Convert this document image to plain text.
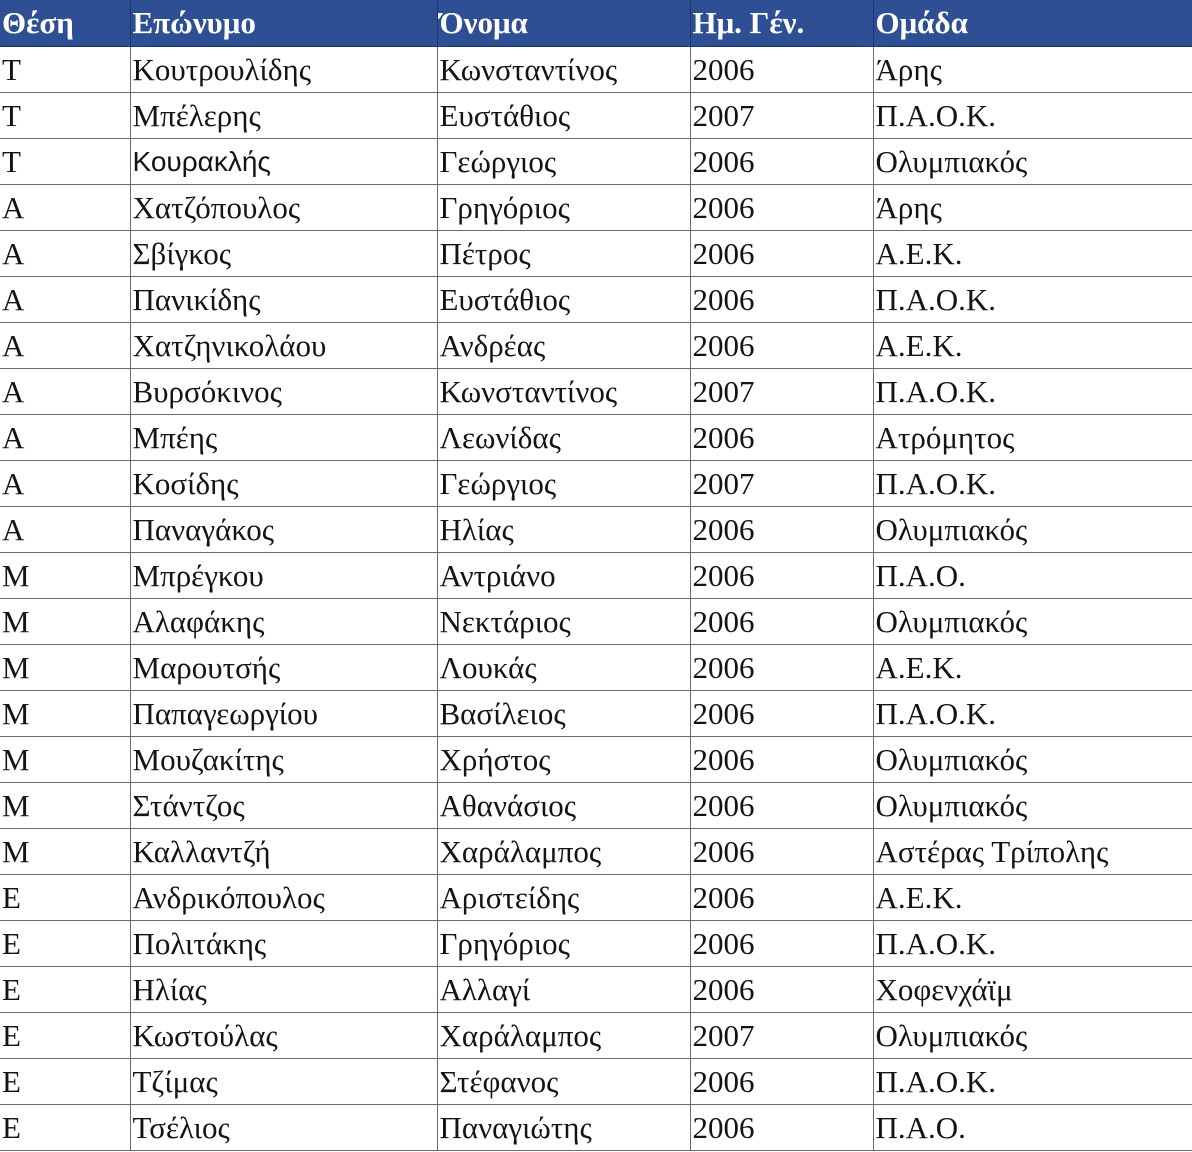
Θέση	Επώνυμο	Όνομα	Ημ. Γέν.	Ομάδα
Τ	Κουτρουλίδης	Κωνσταντίνος	2006	Άρης
Τ	Μπέλερης	Ευστάθιος	2007	Π.Α.Ο.Κ.
Τ	Κουρακλής	Γεώργιος	2006	Ολυμπιακός
Α	Χατζόπουλος	Γρηγόριος	2006	Άρης
Α	Σβίγκος	Πέτρος	2006	Α.Ε.Κ.
Α	Πανικίδης	Ευστάθιος	2006	Π.Α.Ο.Κ.
Α	Χατζηνικολάου	Ανδρέας	2006	Α.Ε.Κ.
Α	Βυρσόκινος	Κωνσταντίνος	2007	Π.Α.Ο.Κ.
Α	Μπέης	Λεωνίδας	2006	Ατρόμητος
Α	Κοσίδης	Γεώργιος	2007	Π.Α.Ο.Κ.
Α	Παναγάκος	Ηλίας	2006	Ολυμπιακός
Μ	Μπρέγκου	Αντριάνο	2006	Π.Α.Ο.
Μ	Αλαφάκης	Νεκτάριος	2006	Ολυμπιακός
Μ	Μαρουτσής	Λουκάς	2006	Α.Ε.Κ.
Μ	Παπαγεωργίου	Βασίλειος	2006	Π.Α.Ο.Κ.
Μ	Μουζακίτης	Χρήστος	2006	Ολυμπιακός
Μ	Στάντζος	Αθανάσιος	2006	Ολυμπιακός
Μ	Καλλαντζή	Χαράλαμπος	2006	Αστέρας Τρίπολης
Ε	Ανδρικόπουλος	Αριστείδης	2006	Α.Ε.Κ.
Ε	Πολιτάκης	Γρηγόριος	2006	Π.Α.Ο.Κ.
Ε	Ηλίας	Αλλαγί	2006	Χοφενχάϊμ
Ε	Κωστούλας	Χαράλαμπος	2007	Ολυμπιακός
Ε	Τζίμας	Στέφανος	2006	Π.Α.Ο.Κ.
Ε	Τσέλιος	Παναγιώτης	2006	Π.Α.Ο.
